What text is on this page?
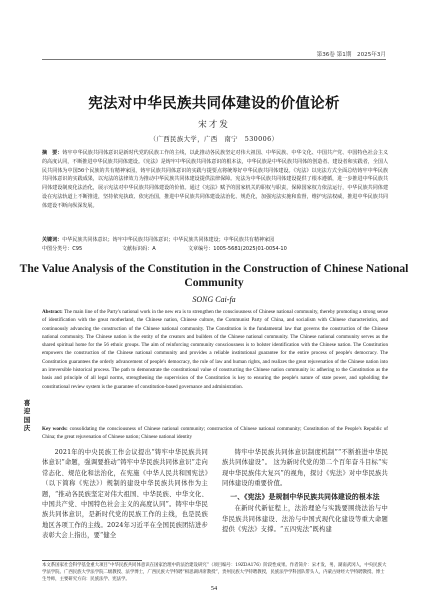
第36卷 第1期　2025年3月
宪法对中华民族共同体建设的价值论析
宋才发
（广西民族大学，广西　南宁　530006）
摘　要：铸牢中华民族共同体意识是新时代党的民族工作的主线，以此推动各民族坚定对伟大祖国、中华民族、中华文化、中国共产党、中国特色社会主义的高度认同，不断推进中华民族共同体建设。《宪法》是铸牢中华民族共同体意识的根本法，中华民族是中华民族共同体的创造者、建设者和实践者，全国人民共同体为中国56个民族的共有精神家园，铸牢民族共同体意识的实践与提要点将统筹好中华民族共同体建设。《宪法》以宪法方式全面总结铸牢中华民族共同体意识的实践成果，以宪法的法律效力为推动中华民族共同体建设提供法律保障。宪法为中华民族共同体建设提供了根本遵循，进一步推进中华民族共同体建设制度化法治化，展示宪法对中华民族共同体建设的价值。通过《宪法》赋予的国家机关的职权与职责，保障国家权力依法运行，中华民族共同体建设在宪法轨道上不断推进，坚持依宪执政、依宪治国，推进中华民族共同体建设法治化、规范化，加强宪法实施和监督，维护宪法权威，推进中华民族共同体建设不断向纵深发展。
关键词：中华民族共同体意识；铸牢中华民族共同体意识；中华民族共同体建设；中华民族共有精神家园
中图分类号：C95	文献标识码：A	文章编号：1005-5681(2025)01-0054-10
The Value Analysis of the Constitution in the Construction of Chinese National Community
SONG Cai-fa
Abstract: The main line of the Party's national work in the new era is to strengthen the consciousness of Chinese national community, thereby promoting a strong sense of identification with the great motherland, the Chinese nation, Chinese culture, the Communist Party of China, and socialism with Chinese characteristics, and continuously advancing the construction of the Chinese national community. The Constitution is the fundamental law that governs the construction of the Chinese national community. The Chinese nation is the entity of the creators and builders of the Chinese national community. The Chinese national community serves as the shared spiritual home for the 56 ethnic groups. The aim of reinforcing community consciousness is to bolster identification with the Chinese nation. The Constitution empowers the construction of the Chinese national community and provides a reliable institutional guarantee for the entire process of people's democracy. The Constitution guarantees the orderly advancement of people's democracy, the rule of law and human rights, and realizes the great rejuvenation of the Chinese nation into an irreversible historical process. The path to demonstrate the constitutional value of constructing the Chinese nation community is: adhering to the Constitution as the basis and principle of all legal norms, strengthening the supervision of the Constitution is key to ensuring the people's nature of state power, and upholding the constitutional review system is the guarantee of constitution-based governance and administration.
Key words: consolidating the consciousness of Chinese national community; construction of Chinese national community; Constitution of the People's Republic of China; the great rejuvenation of Chinese nation; Chinese national identity
喜迎国庆

2021年的中央民族工作会议提出“铸牢中华民族共同体意识”命题，强调要推动“铸牢中华民族共同体意识”走向常态化、规范化和法治化，在宪施《中华人民共和国宪法》（以下简称《宪法》）规制的建设中华民族共同体作为主题，“推动各民族坚定对伟大祖国、中华民族、中华文化、中国共产党、中国特色社会主义的高度认同”。铸牢中华民族共同体意识，是新时代党的民族工作的主线，也是民族地区各项工作的主线。2024年习近平在全国民族团结进步表彰大会上指出，要“健全

铸牢中华民族共同体意识制度机制”“不断推进中华民族共同体建设”。 这为新时代党的第二个百年奋斗目标“实现中华民族伟大复兴”的视角，探讨《宪法》对中华民族共同体建设的重要价值。

一、《宪法》是规制中华民族共同体建设的根本法

在新时代新征程上，法治理论与实践要围绕法治与中华民族共同体建设、法治与中国式现代化建设等重大命题提供《宪法》支撑。“五四宪法”既构建

本文系国家社会科学基金重大项目“中华民族共同体意识在国家治理中的法治建设研究”（项目编号：19ZDA176）阶段性成果。作者简介：宋才发，男，湖南武冈人，中央民族大学法学院、广西民族大学法学院二级教授、法学博士，广西民族大学特聘“相思湖讲席教授”，贵州民族大学特聘教授，民族法学学科团队带头人，内蒙古财经大学特聘教授、博士生导师，主要研究方向：民族法学、宪法学。
54
